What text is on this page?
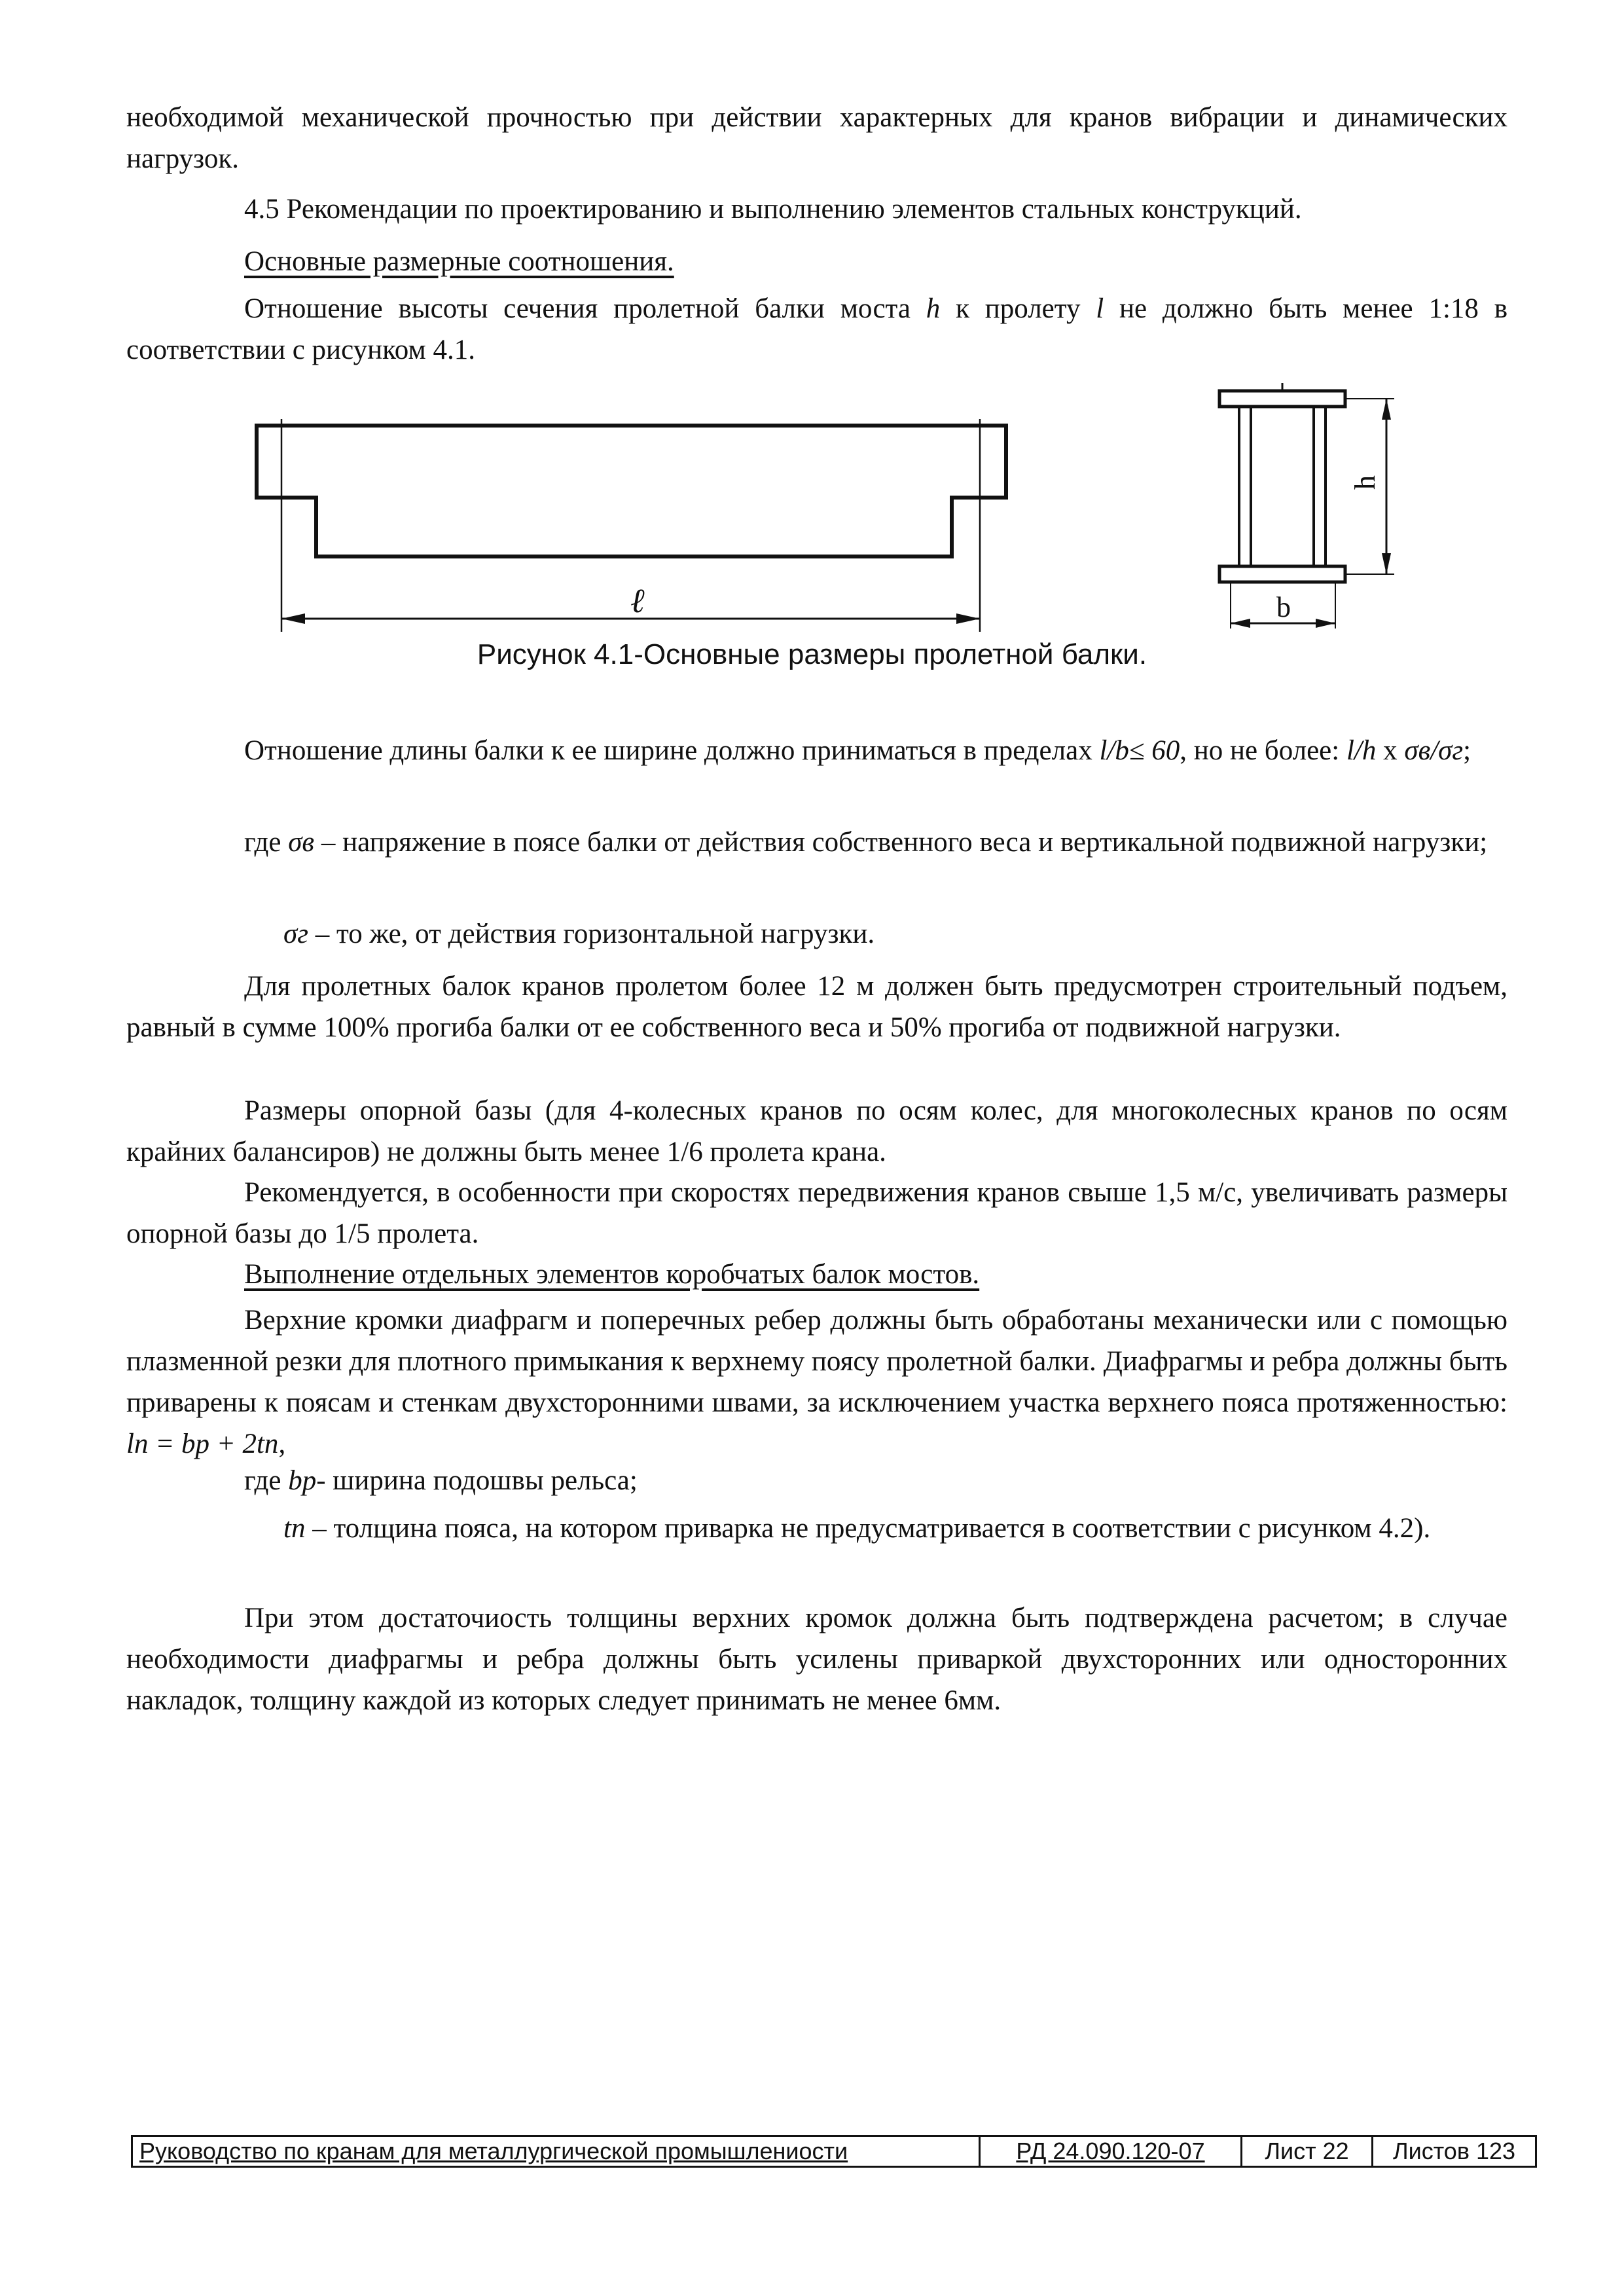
необходимой механической прочностью при действии характерных для кранов вибрации и динамических нагрузок.

4.5 Рекомендации по проектированию и выполнению элементов стальных конструкций.

Основные размерные соотношения.

Отношение высоты сечения пролетной балки моста h к пролету l не должно быть менее 1:18 в соответствии с рисунком 4.1.

ℓ
h
b
Рисунок 4.1-Основные размеры пролетной балки.

Отношение длины балки к ее ширине должно приниматься в пределах l/b≤ 60, но не более: l/h х σв/σг;

где σв – напряжение в поясе балки от действия собственного веса и вертикальной подвижной нагрузки;

σг – то же, от действия горизонтальной нагрузки.

Для пролетных балок кранов пролетом более 12 м должен быть предусмотрен строительный подъем, равный в сумме 100% прогиба балки от ее собственного веса и 50% прогиба от подвижной нагрузки.

Размеры опорной базы (для 4-колесных кранов по осям колес, для многоколесных кранов по осям крайних балансиров) не должны быть менее 1/6 пролета крана.

Рекомендуется, в особенности при скоростях передвижения кранов свыше 1,5 м/с, увеличивать размеры опорной базы до 1/5 пролета.

Выполнение отдельных элементов коробчатых балок мостов.

Верхние кромки диафрагм и поперечных ребер должны быть обработаны механически или с помощью плазменной резки для плотного примыкания к верхнему поясу пролетной балки. Диафрагмы и ребра должны быть приварены к поясам и стенкам двухсторонними швами, за исключением участка верхнего пояса протяженностью: lп = bр + 2tп,

где bр- ширина подошвы рельса;

tп – толщина пояса, на котором приварка не предусматривается в соответствии с рисунком 4.2).

При этом достаточиость толщины верхних кромок должна быть подтверждена расчетом; в случае необходимости диафрагмы и ребра должны быть усилены приваркой двухсторонних или односторонних накладок, толщину каждой из которых следует принимать не менее 6мм.

Руководство по кранам для металлургической промышлениости	РД 24.090.120-07	Лист 22	Листов 123
